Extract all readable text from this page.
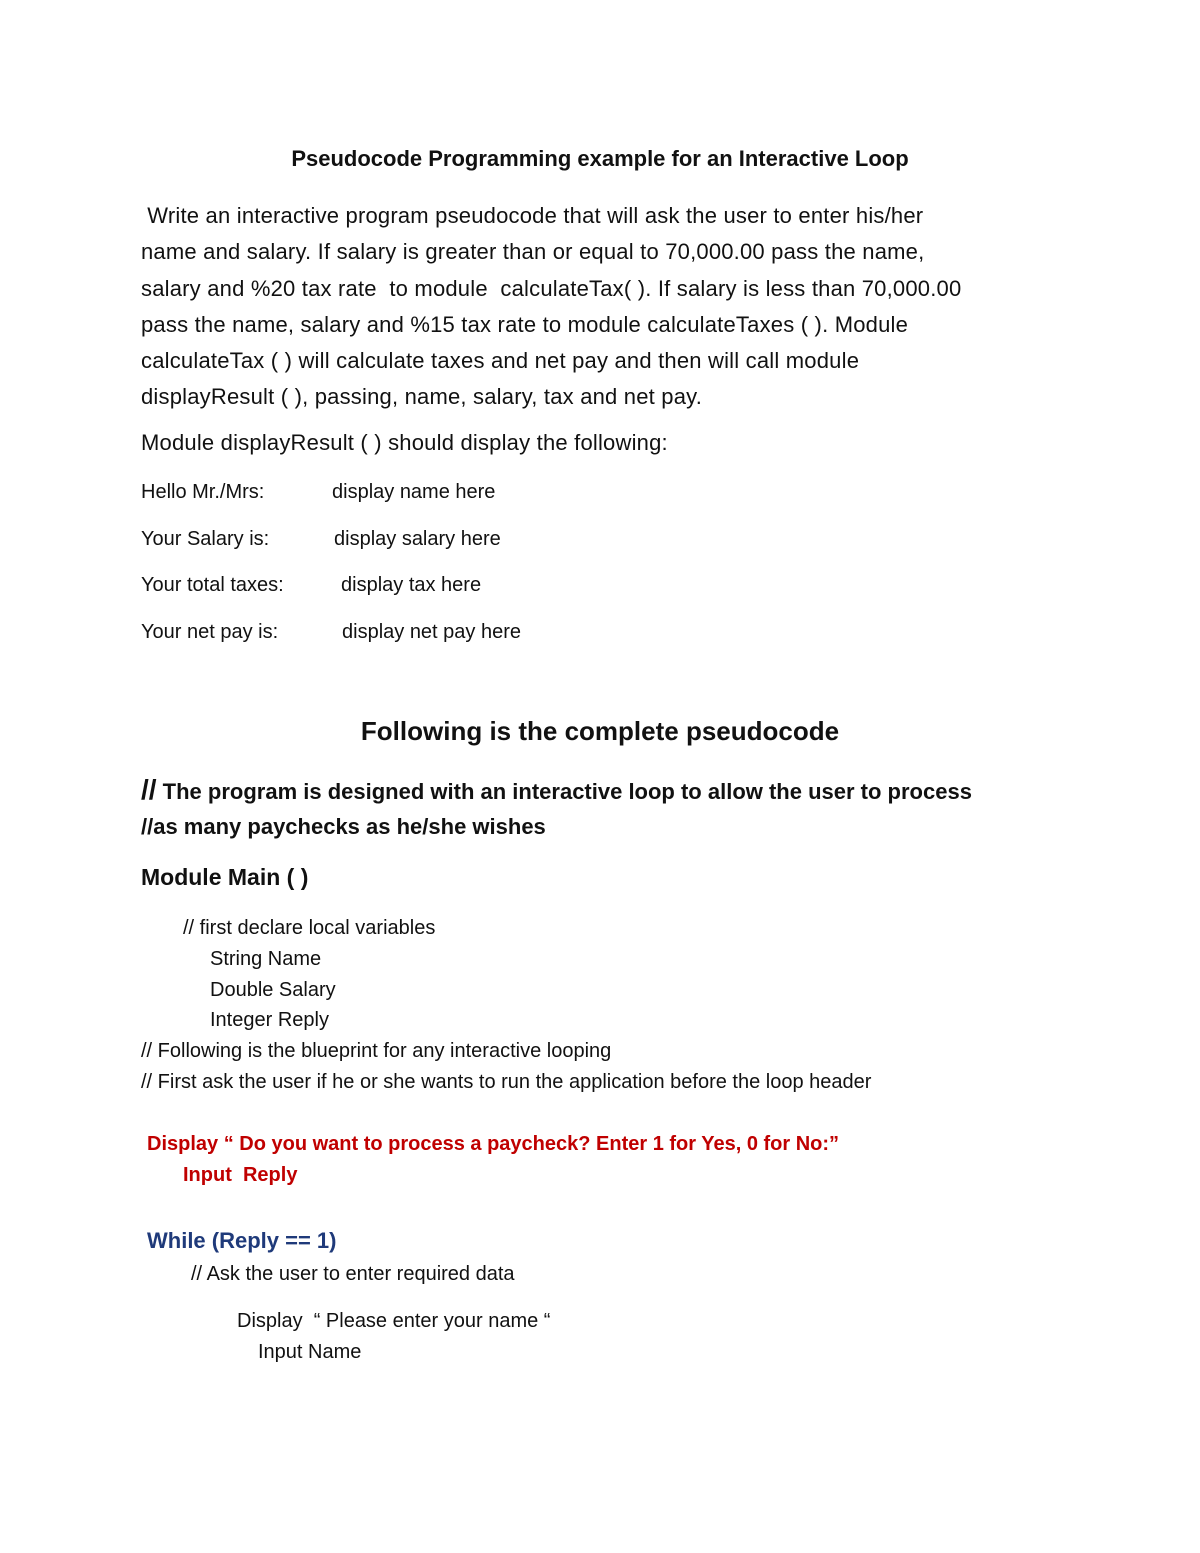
Pseudocode Programming example for an Interactive Loop
Write an interactive program pseudocode that will ask the user to enter his/her
name and salary. If salary is greater than or equal to 70,000.00 pass the name,
salary and %20 tax rate  to module  calculateTax( ). If salary is less than 70,000.00
pass the name, salary and %15 tax rate to module calculateTaxes ( ). Module
calculateTax ( ) will calculate taxes and net pay and then will call module
displayResult ( ), passing, name, salary, tax and net pay.
Module displayResult ( ) should display the following:
Hello Mr./Mrs:	display name here
Your Salary is:	display salary here
Your total taxes:	display tax here
Your net pay is:	display net pay here
Following is the complete pseudocode
// The program is designed with an interactive loop to allow the user to process
//as many paychecks as he/she wishes
Module Main ( )
// first declare local variables
String Name
Double Salary
Integer Reply
// Following is the blueprint for any interactive looping
// First ask the user if he or she wants to run the application before the loop header
Display “ Do you want to process a paycheck? Enter 1 for Yes, 0 for No:”
Input  Reply
While (Reply == 1)
// Ask the user to enter required data
Display  “ Please enter your name “
Input Name
